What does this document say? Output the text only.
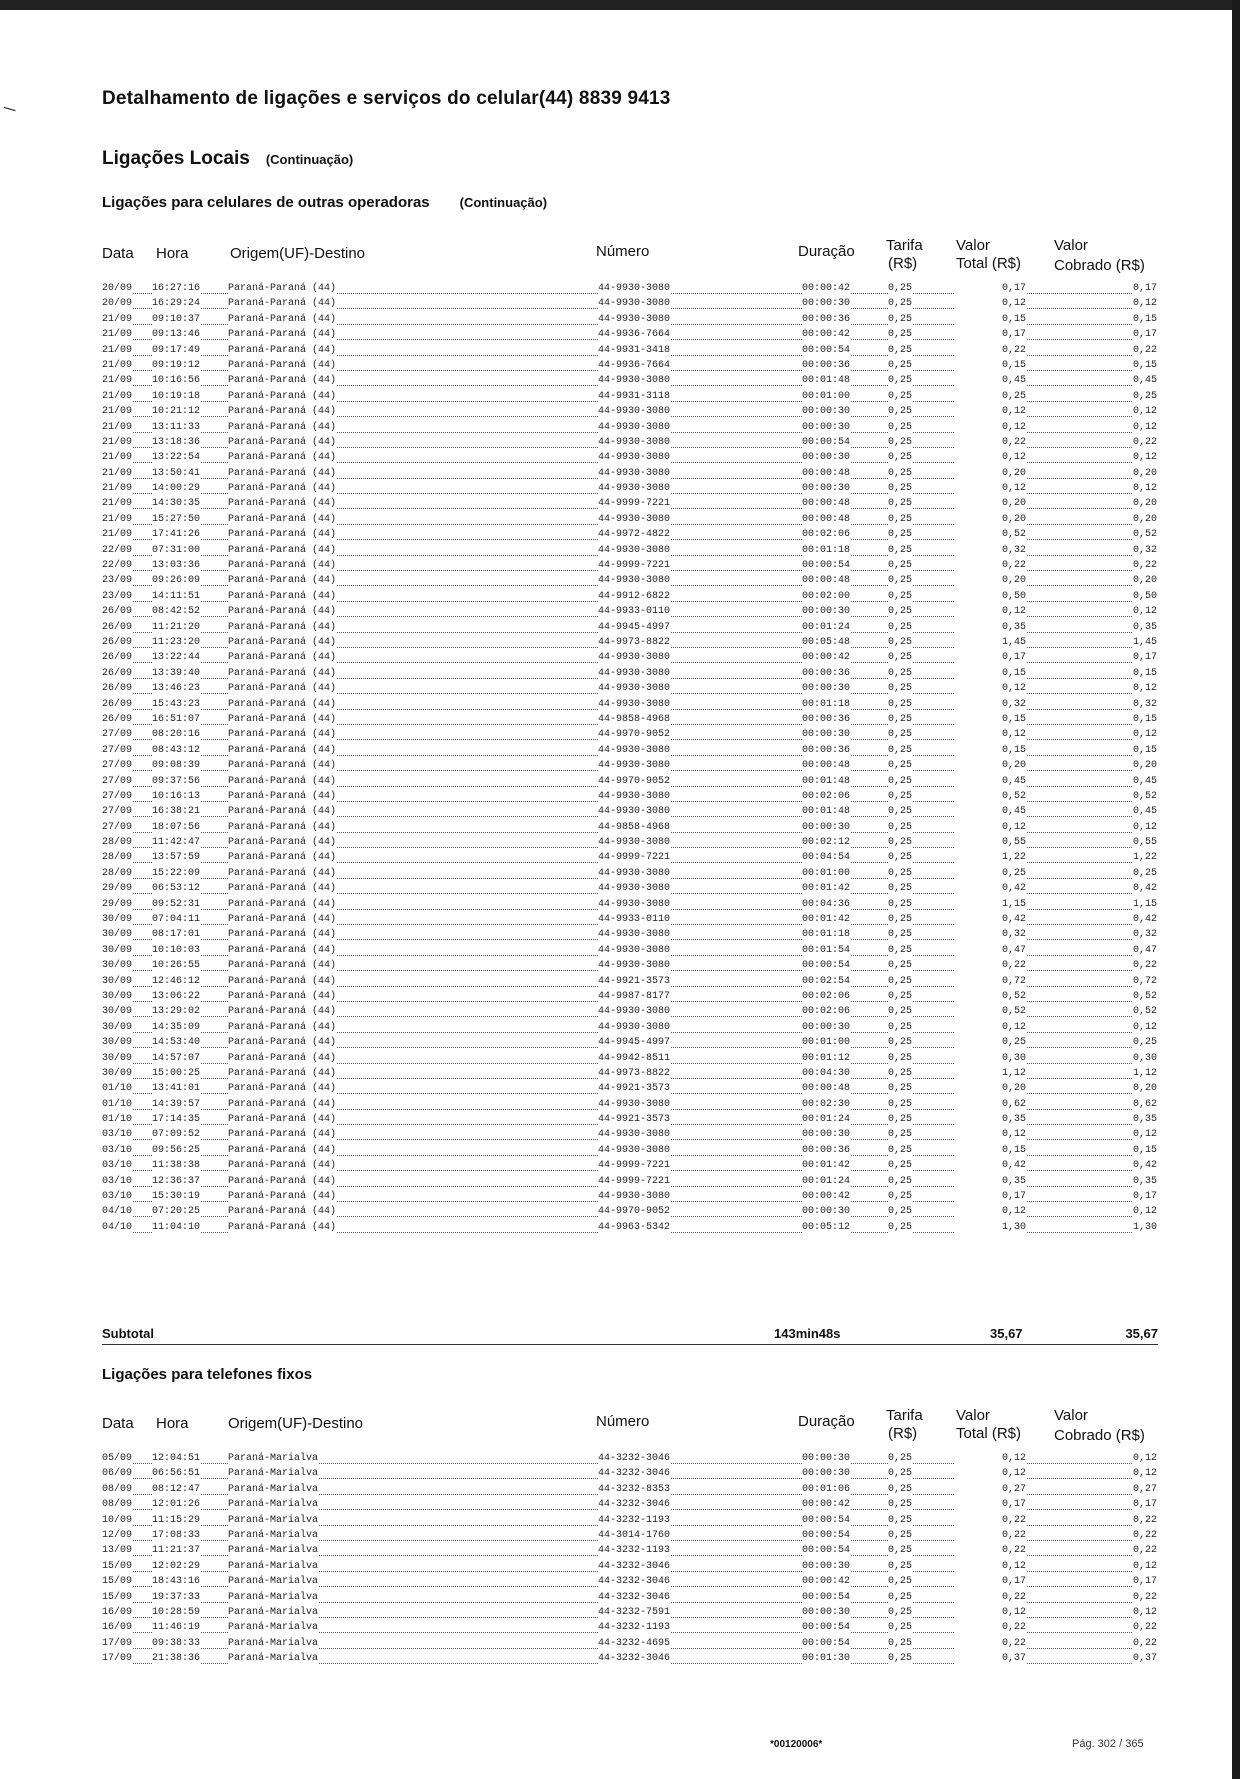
/	Detalhamento de ligações e serviços do celular(44) 8839 9413
Ligações Locais (Continuação)
Ligações para celulares de outras operadoras (Continuação)
Data Hora	Origem(UF)-Destino	Número	Duração Tarifa
(R$)
Valor
Total (R$)
Valor
Cobrado (R$)
20/09 16:27:16	Paraná-Paraná (44)	44-9930-3080	00:00:42	0,25	0,17	0,17
20/09 16:29:24	Paraná-Paraná (44)	44-9930-3080	00:00:30	0,25	0,12	0,12
21/09 09:10:37	Paraná-Paraná (44)	44-9930-3080	00:00:36	0,25	0,15	0,15
21/09 09:13:46	Paraná-Paraná (44)	44-9936-7664	00:00:42	0,25	0,17	0,17
21/09 09:17:49	Paraná-Paraná (44)	44-9931-3418	00:00:54	0,25	0,22	0,22
21/09 09:19:12	Paraná-Paraná (44)	44-9936-7664	00:00:36	0,25	0,15	0,15
21/09 10:16:56	Paraná-Paraná (44)	44-9930-3080	00:01:48	0,25	0,45	0,45
21/09 10:19:18	Paraná-Paraná (44)	44-9931-3118	00:01:00	0,25	0,25	0,25
21/09 10:21:12	Paraná-Paraná (44)	44-9930-3080	00:00:30	0,25	0,12	0,12
21/09 13:11:33	Paraná-Paraná (44)	44-9930-3080	00:00:30	0,25	0,12	0,12
21/09 13:18:36	Paraná-Paraná (44)	44-9930-3080	00:00:54	0,25	0,22	0,22
21/09 13:22:54	Paraná-Paraná (44)	44-9930-3080	00:00:30	0,25	0,12	0,12
21/09 13:50:41	Paraná-Paraná (44)	44-9930-3080	00:00:48	0,25	0,20	0,20
21/09 14:00:29	Paraná-Paraná (44)	44-9930-3080	00:00:30	0,25	0,12	0,12
21/09 14:30:35	Paraná-Paraná (44)	44-9999-7221	00:00:48	0,25	0,20	0,20
21/09 15:27:50	Paraná-Paraná (44)	44-9930-3080	00:00:48	0,25	0,20	0,20
21/09 17:41:26	Paraná-Paraná (44)	44-9972-4822	00:02:06	0,25	0,52	0,52
22/09 07:31:00	Paraná-Paraná (44)	44-9930-3080	00:01:18	0,25	0,32	0,32
22/09 13:03:36	Paraná-Paraná (44)	44-9999-7221	00:00:54	0,25	0,22	0,22
23/09 09:26:09	Paraná-Paraná (44)	44-9930-3080	00:00:48	0,25	0,20	0,20
23/09 14:11:51	Paraná-Paraná (44)	44-9912-6822	00:02:00	0,25	0,50	0,50
26/09 08:42:52	Paraná-Paraná (44)	44-9933-0110	00:00:30	0,25	0,12	0,12
26/09 11:21:20	Paraná-Paraná (44)	44-9945-4997	00:01:24	0,25	0,35	0,35
26/09 11:23:20	Paraná-Paraná (44)	44-9973-8822	00:05:48	0,25	1,45	1,45
26/09 13:22:44	Paraná-Paraná (44)	44-9930-3080	00:00:42	0,25	0,17	0,17
26/09 13:39:40	Paraná-Paraná (44)	44-9930-3080	00:00:36	0,25	0,15	0,15
26/09 13:46:23	Paraná-Paraná (44)	44-9930-3080	00:00:30	0,25	0,12	0,12
26/09 15:43:23	Paraná-Paraná (44)	44-9930-3080	00:01:18	0,25	0,32	0,32
26/09 16:51:07	Paraná-Paraná (44)	44-9858-4968	00:00:36	0,25	0,15	0,15
27/09 08:20:16	Paraná-Paraná (44)	44-9970-9052	00:00:30	0,25	0,12	0,12
27/09 08:43:12	Paraná-Paraná (44)	44-9930-3080	00:00:36	0,25	0,15	0,15
27/09 09:08:39	Paraná-Paraná (44)	44-9930-3080	00:00:48	0,25	0,20	0,20
27/09 09:37:56	Paraná-Paraná (44)	44-9970-9052	00:01:48	0,25	0,45	0,45
27/09 10:16:13	Paraná-Paraná (44)	44-9930-3080	00:02:06	0,25	0,52	0,52
27/09 16:38:21	Paraná-Paraná (44)	44-9930-3080	00:01:48	0,25	0,45	0,45
27/09 18:07:56	Paraná-Paraná (44)	44-9858-4968	00:00:30	0,25	0,12	0,12
28/09 11:42:47	Paraná-Paraná (44)	44-9930-3080	00:02:12	0,25	0,55	0,55
28/09 13:57:59	Paraná-Paraná (44)	44-9999-7221	00:04:54	0,25	1,22	1,22
28/09 15:22:09	Paraná-Paraná (44)	44-9930-3080	00:01:00	0,25	0,25	0,25
29/09 06:53:12	Paraná-Paraná (44)	44-9930-3080	00:01:42	0,25	0,42	0,42
29/09 09:52:31	Paraná-Paraná (44)	44-9930-3080	00:04:36	0,25	1,15	1,15
30/09 07:04:11	Paraná-Paraná (44)	44-9933-0110	00:01:42	0,25	0,42	0,42
30/09 08:17:01	Paraná-Paraná (44)	44-9930-3080	00:01:18	0,25	0,32	0,32
30/09 10:10:03	Paraná-Paraná (44)	44-9930-3080	00:01:54	0,25	0,47	0,47
30/09 10:26:55	Paraná-Paraná (44)	44-9930-3080	00:00:54	0,25	0,22	0,22
30/09 12:46:12	Paraná-Paraná (44)	44-9921-3573	00:02:54	0,25	0,72	0,72
30/09 13:06:22	Paraná-Paraná (44)	44-9987-8177	00:02:06	0,25	0,52	0,52
30/09 13:29:02	Paraná-Paraná (44)	44-9930-3080	00:02:06	0,25	0,52	0,52
30/09 14:35:09	Paraná-Paraná (44)	44-9930-3080	00:00:30	0,25	0,12	0,12
30/09 14:53:40	Paraná-Paraná (44)	44-9945-4997	00:01:00	0,25	0,25	0,25
30/09 14:57:07	Paraná-Paraná (44)	44-9942-8511	00:01:12	0,25	0,30	0,30
30/09 15:00:25	Paraná-Paraná (44)	44-9973-8822	00:04:30	0,25	1,12	1,12
01/10 13:41:01	Paraná-Paraná (44)	44-9921-3573	00:00:48	0,25	0,20	0,20
01/10 14:39:57	Paraná-Paraná (44)	44-9930-3080	00:02:30	0,25	0,62	0,62
01/10 17:14:35	Paraná-Paraná (44)	44-9921-3573	00:01:24	0,25	0,35	0,35
03/10 07:09:52	Paraná-Paraná (44)	44-9930-3080	00:00:30	0,25	0,12	0,12
03/10 09:56:25	Paraná-Paraná (44)	44-9930-3080	00:00:36	0,25	0,15	0,15
03/10 11:38:38	Paraná-Paraná (44)	44-9999-7221	00:01:42	0,25	0,42	0,42
03/10 12:36:37	Paraná-Paraná (44)	44-9999-7221	00:01:24	0,25	0,35	0,35
03/10 15:30:19	Paraná-Paraná (44)	44-9930-3080	00:00:42	0,25	0,17	0,17
04/10 07:20:25	Paraná-Paraná (44)	44-9970-9052	00:00:30	0,25	0,12	0,12
04/10 11:04:10	Paraná-Paraná (44)	44-9963-5342	00:05:12	0,25	1,30	1,30
Subtotal	143min48s	35,67	35,67
Ligações para telefones fixos
Data Hora	Origem(UF)-Destino	Número	Duração Tarifa
(R$)
Valor
Total (R$)
Valor
Cobrado (R$)
05/09 12:04:51	Paraná-Marialva	44-3232-3046	00:00:30	0,25	0,12	0,12
06/09 06:56:51	Paraná-Marialva	44-3232-3046	00:00:30	0,25	0,12	0,12
08/09 08:12:47	Paraná-Marialva	44-3232-8353	00:01:06	0,25	0,27	0,27
08/09 12:01:26	Paraná-Marialva	44-3232-3046	00:00:42	0,25	0,17	0,17
10/09 11:15:29	Paraná-Marialva	44-3232-1193	00:00:54	0,25	0,22	0,22
12/09 17:08:33	Paraná-Marialva	44-3014-1760	00:00:54	0,25	0,22	0,22
13/09 11:21:37	Paraná-Marialva	44-3232-1193	00:00:54	0,25	0,22	0,22
15/09 12:02:29	Paraná-Marialva	44-3232-3046	00:00:30	0,25	0,12	0,12
15/09 18:43:16	Paraná-Marialva	44-3232-3046	00:00:42	0,25	0,17	0,17
15/09 19:37:33	Paraná-Marialva	44-3232-3046	00:00:54	0,25	0,22	0,22
16/09 10:28:59	Paraná-Marialva	44-3232-7591	00:00:30	0,25	0,12	0,12
16/09 11:46:19	Paraná-Marialva	44-3232-1193	00:00:54	0,25	0,22	0,22
17/09 09:38:33	Paraná-Marialva	44-3232-4695	00:00:54	0,25	0,22	0,22
17/09 21:38:36	Paraná-Marialva	44-3232-3046	00:01:30	0,25	0,37	0,37
*00120006*	Pág. 302 / 365
